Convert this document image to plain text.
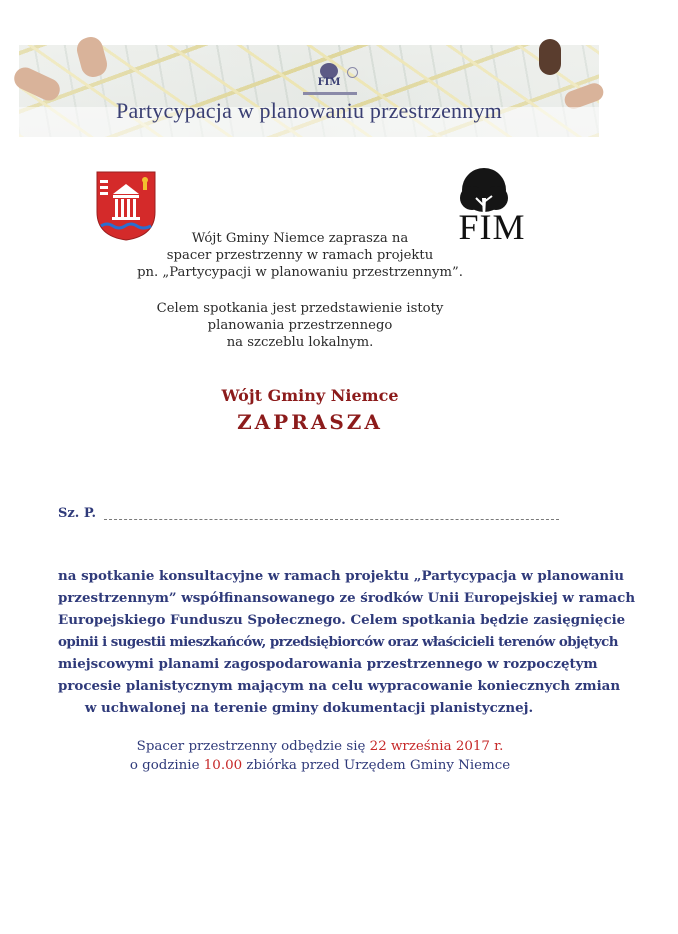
FIM
Partycypacja w planowaniu przestrzennym
FIM
Wójt Gminy Niemce zaprasza na
spacer przestrzenny w ramach projektu
pn. „Partycypacji w planowaniu przestrzennym”.
Celem spotkania jest przedstawienie istoty
planowania przestrzennego
na szczeblu lokalnym.
Wójt Gminy Niemce
ZAPRASZA
Sz. P.
na spotkanie konsultacyjne w ramach projektu „Partycypacja w planowaniu
przestrzennym” współfinansowanego ze środków Unii Europejskiej w ramach
Europejskiego Funduszu Społecznego. Celem spotkania będzie zasięgnięcie
opinii i sugestii mieszkańców, przedsiębiorców oraz właścicieli terenów objętych
miejscowymi planami zagospodarowania przestrzennego w rozpoczętym
procesie planistycznym mającym na celu wypracowanie koniecznych zmian
w uchwalonej na terenie gminy dokumentacji planistycznej.
Spacer przestrzenny odbędzie się 22 września 2017 r.
o godzinie 10.00 zbiórka przed Urzędem Gminy Niemce
